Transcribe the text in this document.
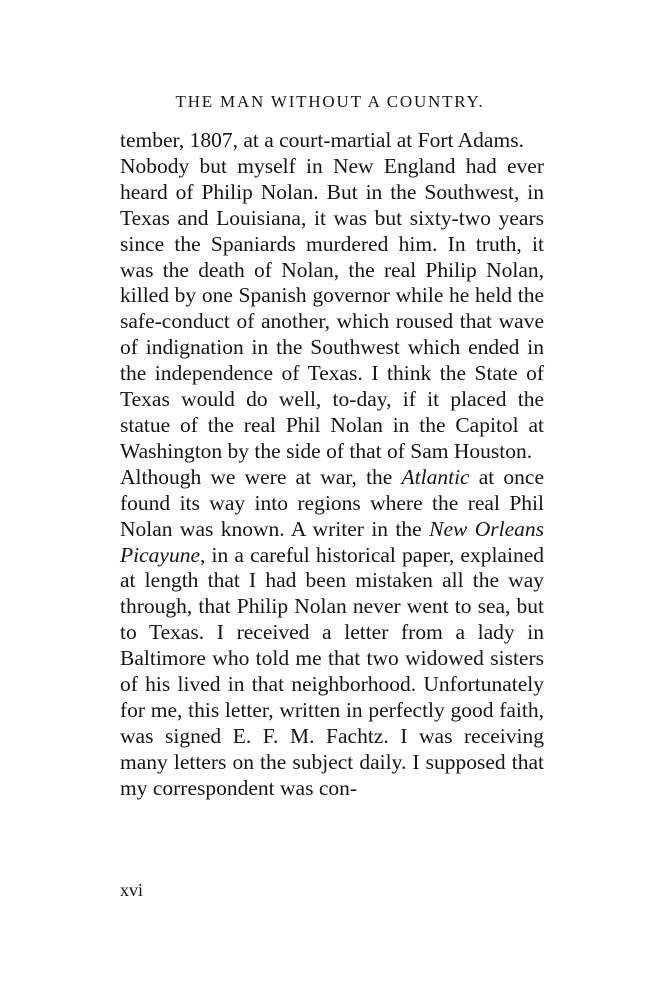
THE MAN WITHOUT A COUNTRY.

tember, 1807, at a court-martial at Fort Adams.

Nobody but myself in New England had ever heard of Philip Nolan. But in the Southwest, in Texas and Louisiana, it was but sixty-two years since the Spaniards murdered him. In truth, it was the death of Nolan, the real Philip Nolan, killed by one Spanish governor while he held the safe-conduct of another, which roused that wave of indignation in the Southwest which ended in the independence of Texas. I think the State of Texas would do well, to-day, if it placed the statue of the real Phil Nolan in the Capitol at Washington by the side of that of Sam Houston.

Although we were at war, the Atlantic at once found its way into regions where the real Phil Nolan was known. A writer in the New Orleans Picayune, in a careful historical paper, explained at length that I had been mistaken all the way through, that Philip Nolan never went to sea, but to Texas. I received a letter from a lady in Baltimore who told me that two widowed sisters of his lived in that neighborhood. Unfortunately for me, this letter, written in perfectly good faith, was signed E. F. M. Fachtz. I was receiving many letters on the subject daily. I supposed that my correspondent was con-

xvi
